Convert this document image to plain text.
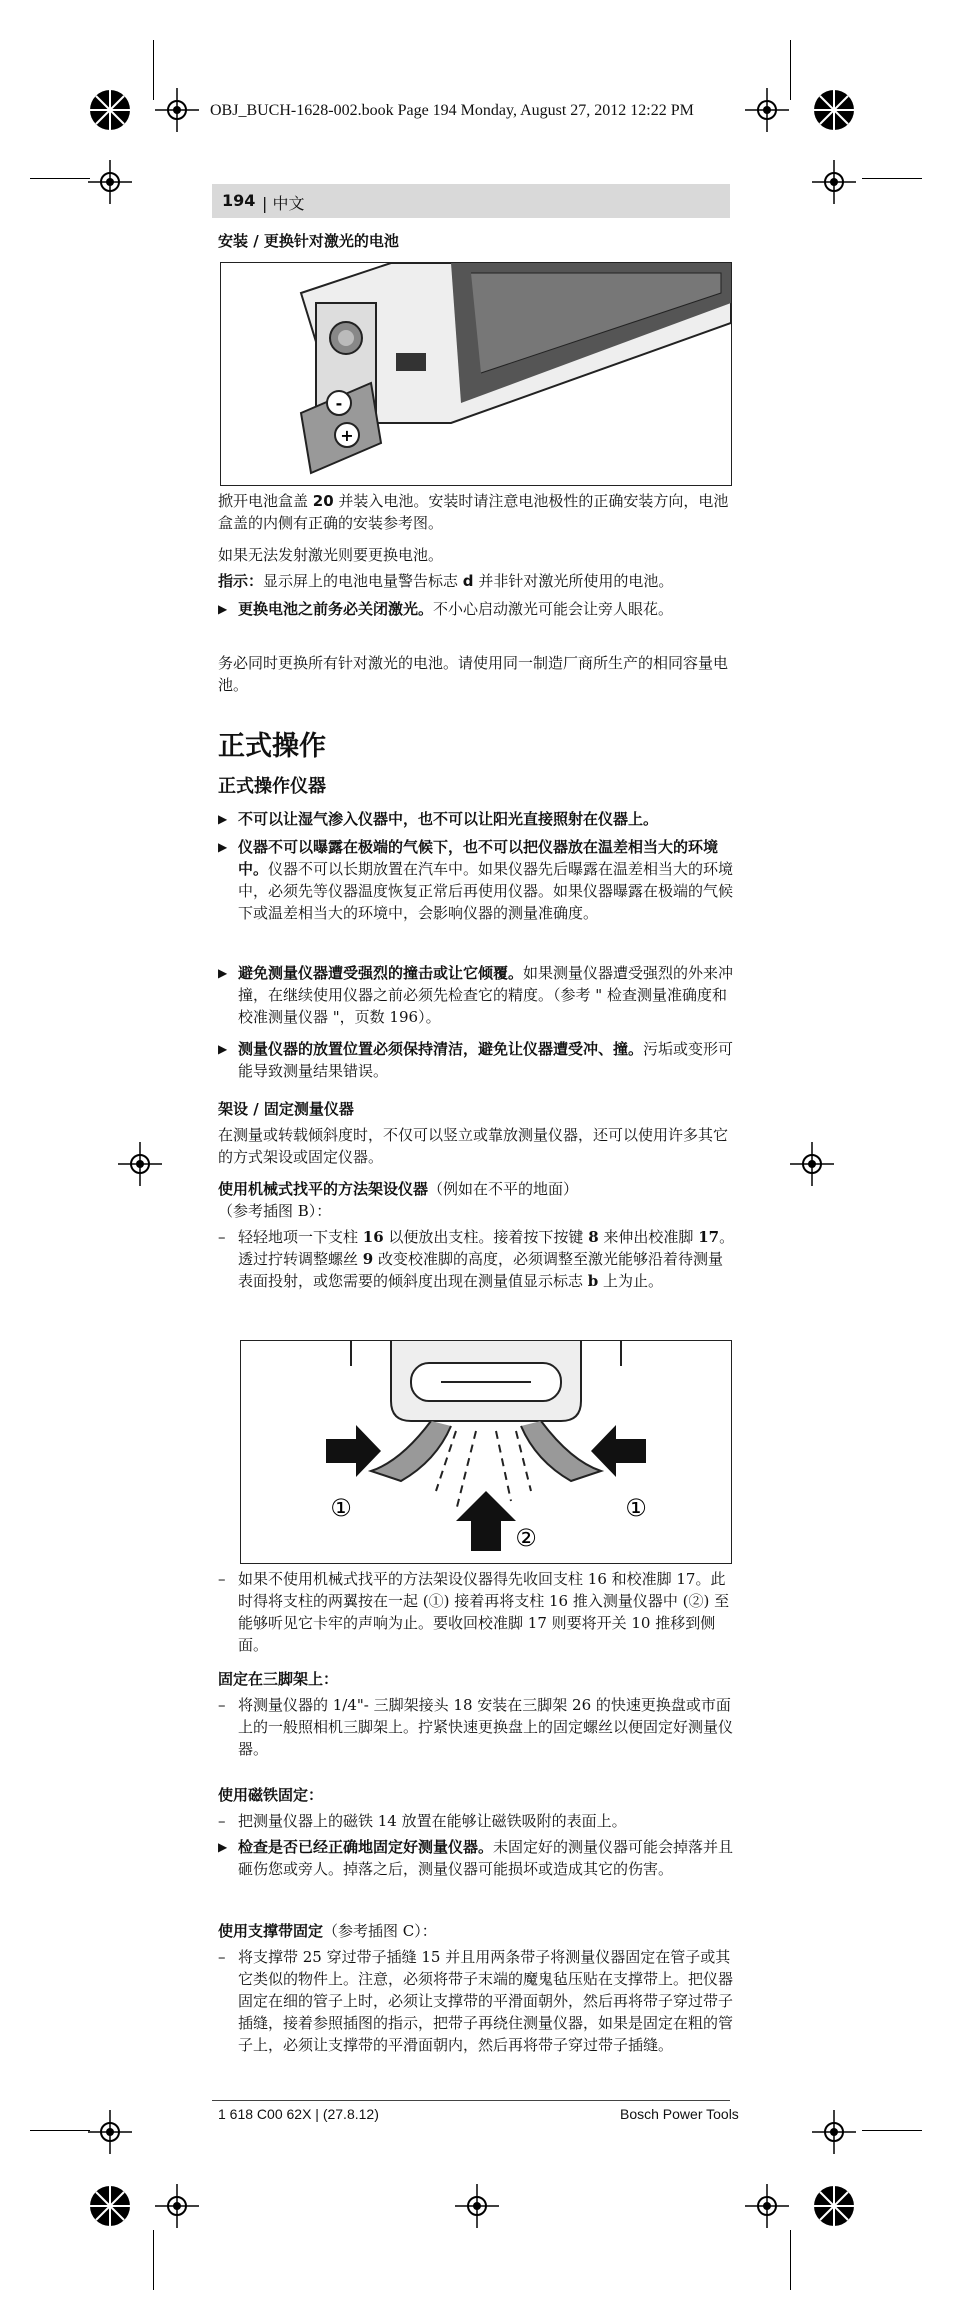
OBJ_BUCH-1628-002.book Page 194 Monday, August 27, 2012 12:22 PM
194 | 中文
安装 / 更换针对激光的电池
-
+
掀开电池盒盖 20 并装入电池。安装时请注意电池极性的正确安装方向，电池盒盖的内侧有正确的安装参考图。
如果无法发射激光则要更换电池。
指示：显示屏上的电池电量警告标志 d 并非针对激光所使用的电池。
▶ 更换电池之前务必关闭激光。不小心启动激光可能会让旁人眼花。
务必同时更换所有针对激光的电池。请使用同一制造厂商所生产的相同容量电池。
正式操作
正式操作仪器
▶ 不可以让湿气渗入仪器中，也不可以让阳光直接照射在仪器上。
▶ 仪器不可以曝露在极端的气候下，也不可以把仪器放在温差相当大的环境中。仪器不可以长期放置在汽车中。如果仪器先后曝露在温差相当大的环境中，必须先等仪器温度恢复正常后再使用仪器。如果仪器曝露在极端的气候下或温差相当大的环境中，会影响仪器的测量准确度。
▶ 避免测量仪器遭受强烈的撞击或让它倾覆。如果测量仪器遭受强烈的外来冲撞，在继续使用仪器之前必须先检查它的精度。（参考 " 检查测量准确度和校准测量仪器 "，页数 196）。
▶ 测量仪器的放置位置必须保持清洁，避免让仪器遭受冲、撞。污垢或变形可能导致测量结果错误。
架设 / 固定测量仪器
在测量或转载倾斜度时，不仅可以竖立或靠放测量仪器，还可以使用许多其它的方式架设或固定仪器。
使用机械式找平的方法架设仪器（例如在不平的地面）
（参考插图 B）：
– 轻轻地项一下支柱 16 以便放出支柱。接着按下按键 8 来伸出校准脚 17。透过拧转调整螺丝 9 改变校准脚的高度，必须调整至激光能够沿着待测量表面投射，或您需要的倾斜度出现在测量值显示标志 b 上为止。
①	①
②
– 如果不使用机械式找平的方法架设仪器得先收回支柱 16 和校准脚 17。此时得将支柱的两翼按在一起 (①) 接着再将支柱 16 推入测量仪器中 (②) 至能够听见它卡牢的声响为止。要收回校准脚 17 则要将开关 10 推移到侧面。
固定在三脚架上：
– 将测量仪器的 1/4"- 三脚架接头 18 安装在三脚架 26 的快速更换盘或市面上的一般照相机三脚架上。拧紧快速更换盘上的固定螺丝以便固定好测量仪器。
使用磁铁固定：
– 把测量仪器上的磁铁 14 放置在能够让磁铁吸附的表面上。
▶ 检查是否已经正确地固定好测量仪器。未固定好的测量仪器可能会掉落并且砸伤您或旁人。掉落之后，测量仪器可能损坏或造成其它的伤害。
使用支撑带固定（参考插图 C）：
– 将支撑带 25 穿过带子插缝 15 并且用两条带子将测量仪器固定在管子或其它类似的物件上。注意，必须将带子末端的魔鬼毡压贴在支撑带上。把仪器固定在细的管子上时，必须让支撑带的平滑面朝外，然后再将带子穿过带子插缝，接着参照插图的指示，把带子再绕住测量仪器，如果是固定在粗的管子上，必须让支撑带的平滑面朝内，然后再将带子穿过带子插缝。
1 618 C00 62X | (27.8.12)	Bosch Power Tools
